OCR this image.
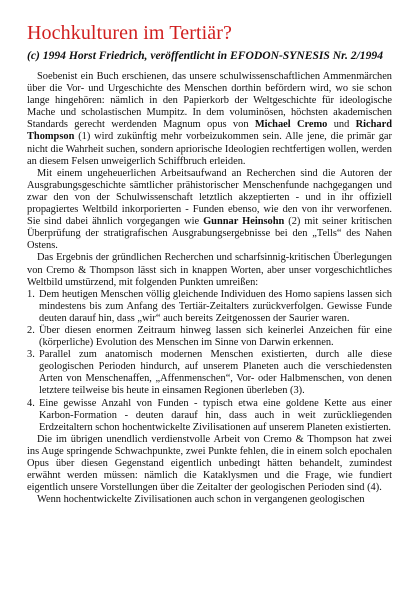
Hochkulturen im Tertiär?
(c) 1994 Horst Friedrich, veröffentlicht in EFODON-SYNESIS Nr. 2/1994

Soebenist ein Buch erschienen, das unsere schulwissenschaftlichen Ammenmärchen über die Vor- und Urgeschichte des Menschen dorthin befördern wird, wo sie schon lange hingehören: nämlich in den Papierkorb der Weltgeschichte für ideologische Mache und scholastischen Mumpitz. In dem voluminösen, höchsten akademischen Standards gerecht werdenden Magnum opus von Michael Cremo und Richard Thompson (1) wird zukünftig mehr vorbeizukommen sein. Alle jene, die primär gar nicht die Wahrheit suchen, sondern apriorische Ideologien rechtfertigen wollen, werden an diesem Felsen unweigerlich Schiffbruch erleiden.

Mit einem ungeheuerlichen Arbeitsaufwand an Recherchen sind die Autoren der Ausgrabungsgeschichte sämtlicher prähistorischer Menschenfunde nachgegangen und zwar den von der Schulwissenschaft letztlich akzeptierten - und in ihr offiziell propagiertes Weltbild inkorporierten - Funden ebenso, wie den von ihr verworfenen. Sie sind dabei ähnlich vorgegangen wie Gunnar Heinsohn (2) mit seiner kritischen Überprüfung der stratigrafischen Ausgrabungsergebnisse bei den „Tells“ des Nahen Ostens.

Das Ergebnis der gründlichen Recherchen und scharfsinnig-kritischen Überlegungen von Cremo & Thompson lässt sich in knappen Worten, aber unser vorgeschichtliches Weltbild umstürzend, mit folgenden Punkten umreißen:

1. Dem heutigen Menschen völlig gleichende Individuen des Homo sapiens lassen sich mindestens bis zum Anfang des Tertiär-Zeitalters zurückverfolgen. Gewisse Funde deuten darauf hin, dass „wir“ auch bereits Zeitgenossen der Saurier waren.
2. Über diesen enormen Zeitraum hinweg lassen sich keinerlei Anzeichen für eine (körperliche) Evolution des Menschen im Sinne von Darwin erkennen.
3. Parallel zum anatomisch modernen Menschen existierten, durch alle diese geologischen Perioden hindurch, auf unserem Planeten auch die verschiedensten Arten von Menschenaffen, „Affenmenschen“, Vor- oder Halbmenschen, von denen letztere teilweise bis heute in einsamen Regionen überleben (3).
4. Eine gewisse Anzahl von Funden - typisch etwa eine goldene Kette aus einer Karbon-Formation - deuten darauf hin, dass auch in weit zurückliegenden Erdzeitaltern schon hochentwickelte Zivilisationen auf unserem Planeten existierten.

Die im übrigen unendlich verdienstvolle Arbeit von Cremo & Thompson hat zwei ins Auge springende Schwachpunkte, zwei Punkte fehlen, die in einem solch epochalen Opus über diesen Gegenstand eigentlich unbedingt hätten behandelt, zumindest erwähnt werden müssen: nämlich die Kataklysmen und die Frage, wie fundiert eigentlich unsere Vorstellungen über die Zeitalter der geologischen Perioden sind (4).

Wenn hochentwickelte Zivilisationen auch schon in vergangenen geologischen
